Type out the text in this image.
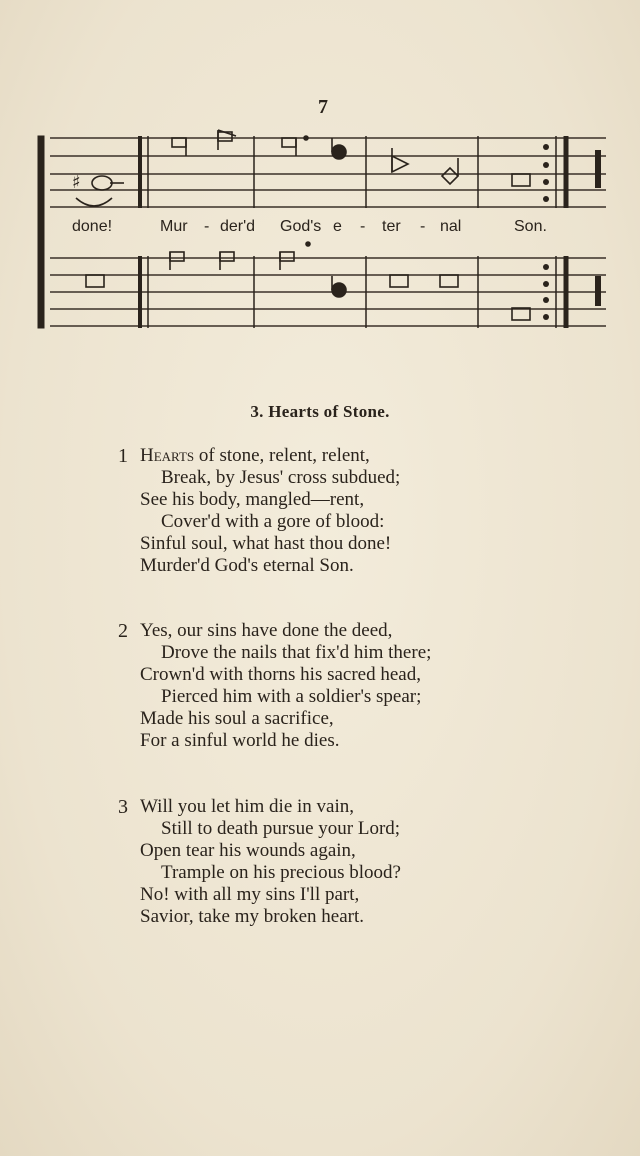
7
♯
done!	Mur - der'd God's e - ter - nal	Son.
3. Hearts of Stone.
1 Hearts of stone, relent, relent,
Break, by Jesus' cross subdued;
See his body, mangled—rent,
Cover'd with a gore of blood:
Sinful soul, what hast thou done!
Murder'd God's eternal Son.
2 Yes, our sins have done the deed,
Drove the nails that fix'd him there;
Crown'd with thorns his sacred head,
Pierced him with a soldier's spear;
Made his soul a sacrifice,
For a sinful world he dies.
3 Will you let him die in vain,
Still to death pursue your Lord;
Open tear his wounds again,
Trample on his precious blood?
No! with all my sins I'll part,
Savior, take my broken heart.
